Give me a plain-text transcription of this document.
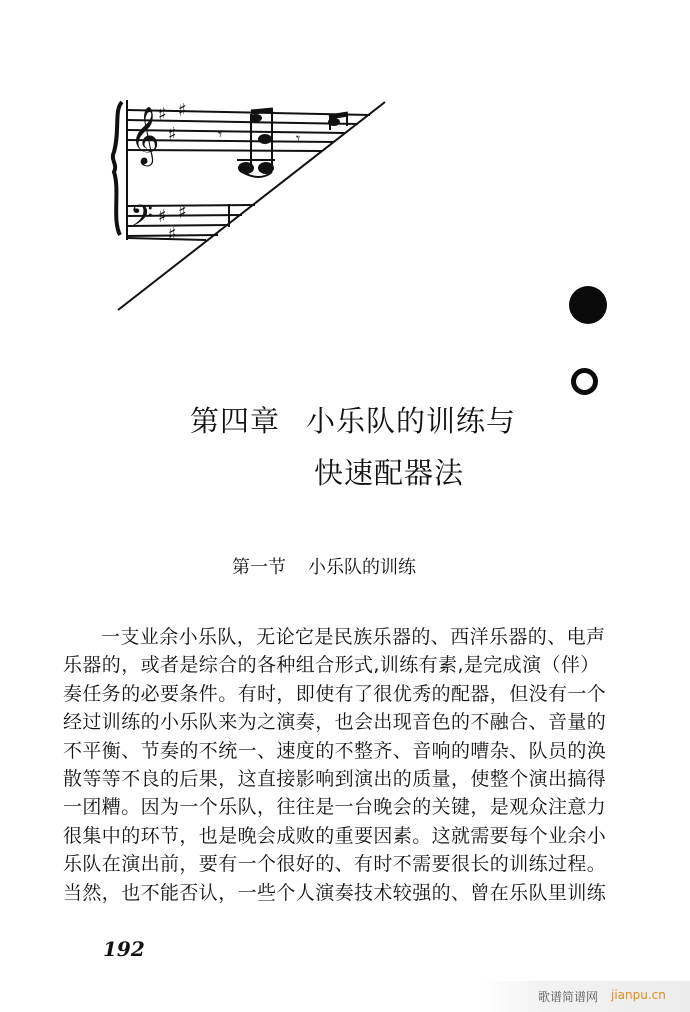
𝄞
𝄢
♯
♯
♯
♯
♯
♯
𝄾	𝄾
第四章 小乐队的训练与
快速配器法
第一节 小乐队的训练
一支业余小乐队，无论它是民族乐器的、西洋乐器的、电声
乐器的，或者是综合的各种组合形式,训练有素,是完成演（伴）
奏任务的必要条件。有时，即使有了很优秀的配器，但没有一个
经过训练的小乐队来为之演奏，也会出现音色的不融合、音量的
不平衡、节奏的不统一、速度的不整齐、音响的嘈杂、队员的涣
散等等不良的后果，这直接影响到演出的质量，使整个演出搞得
一团糟。因为一个乐队，往往是一台晚会的关键，是观众注意力
很集中的环节，也是晚会成败的重要因素。这就需要每个业余小
乐队在演出前，要有一个很好的、有时不需要很长的训练过程。
当然，也不能否认，一些个人演奏技术较强的、曾在乐队里训练
192
歌谱简谱网 jianpu.cn
